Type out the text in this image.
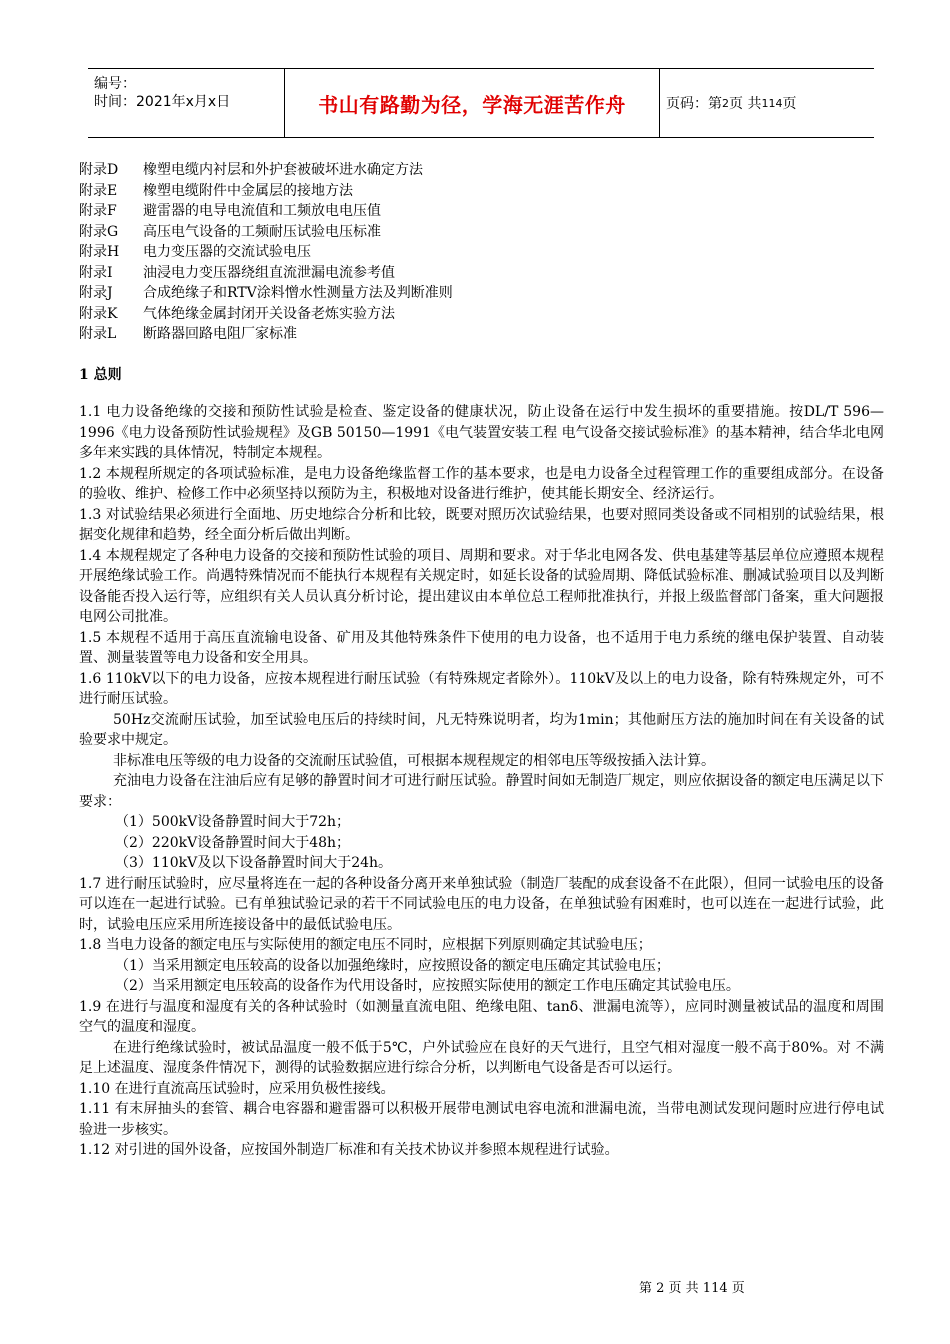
编号：
时间：2021年x月x日	书山有路勤为径，学海无涯苦作舟	页码：第 2 页 共 114 页
附录D	橡塑电缆内衬层和外护套被破坏进水确定方法
附录E	橡塑电缆附件中金属层的接地方法
附录F	避雷器的电导电流值和工频放电电压值
附录G	高压电气设备的工频耐压试验电压标准
附录H	电力变压器的交流试验电压
附录I	油浸电力变压器绕组直流泄漏电流参考值
附录J	合成绝缘子和RTV涂料憎水性测量方法及判断准则
附录K	气体绝缘金属封闭开关设备老炼实验方法
附录L	断路器回路电阻厂家标准
1 总则

1.1 电力设备绝缘的交接和预防性试验是检查、鉴定设备的健康状况，防止设备在运行中发生损坏的重要措施。按DL/T 596—1996《电力设备预防性试验规程》及GB 50150—1991《电气装置安装工程 电气设备交接试验标准》的基本精神，结合华北电网多年来实践的具体情况，特制定本规程。

1.2 本规程所规定的各项试验标准，是电力设备绝缘监督工作的基本要求，也是电力设备全过程管理工作的重要组成部分。在设备的验收、维护、检修工作中必须坚持以预防为主，积极地对设备进行维护，使其能长期安全、经济运行。

1.3 对试验结果必须进行全面地、历史地综合分析和比较，既要对照历次试验结果，也要对照同类设备或不同相别的试验结果，根据变化规律和趋势，经全面分析后做出判断。

1.4 本规程规定了各种电力设备的交接和预防性试验的项目、周期和要求。对于华北电网各发、供电基建等基层单位应遵照本规程开展绝缘试验工作。尚遇特殊情况而不能执行本规程有关规定时，如延长设备的试验周期、降低试验标准、删减试验项目以及判断设备能否投入运行等，应组织有关人员认真分析讨论，提出建议由本单位总工程师批准执行，并报上级监督部门备案，重大问题报电网公司批准。

1.5 本规程不适用于高压直流输电设备、矿用及其他特殊条件下使用的电力设备，也不适用于电力系统的继电保护装置、自动装置、测量装置等电力设备和安全用具。

1.6 110kV以下的电力设备，应按本规程进行耐压试验（有特殊规定者除外）。110kV及以上的电力设备，除有特殊规定外，可不进行耐压试验。

50Hz交流耐压试验，加至试验电压后的持续时间，凡无特殊说明者，均为1min；其他耐压方法的施加时间在有关设备的试验要求中规定。

非标准电压等级的电力设备的交流耐压试验值，可根据本规程规定的相邻电压等级按插入法计算。

充油电力设备在注油后应有足够的静置时间才可进行耐压试验。静置时间如无制造厂规定，则应依据设备的额定电压满足以下要求：

（1）500kV设备静置时间大于72h；

（2）220kV设备静置时间大于48h；

（3）110kV及以下设备静置时间大于24h。

1.7 进行耐压试验时，应尽量将连在一起的各种设备分离开来单独试验（制造厂装配的成套设备不在此限），但同一试验电压的设备可以连在一起进行试验。已有单独试验记录的若干不同试验电压的电力设备，在单独试验有困难时，也可以连在一起进行试验，此时，试验电压应采用所连接设备中的最低试验电压。

1.8 当电力设备的额定电压与实际使用的额定电压不同时，应根据下列原则确定其试验电压；

（1）当采用额定电压较高的设备以加强绝缘时，应按照设备的额定电压确定其试验电压；

（2）当采用额定电压较高的设备作为代用设备时，应按照实际使用的额定工作电压确定其试验电压。

1.9 在进行与温度和湿度有关的各种试验时（如测量直流电阻、绝缘电阻、tanδ、泄漏电流等），应同时测量被试品的温度和周围空气的温度和湿度。

在进行绝缘试验时，被试品温度一般不低于5℃，户外试验应在良好的天气进行，且空气相对湿度一般不高于80%。对 不满足上述温度、湿度条件情况下，测得的试验数据应进行综合分析，以判断电气设备是否可以运行。

1.10 在进行直流高压试验时，应采用负极性接线。

1.11 有末屏抽头的套管、耦合电容器和避雷器可以积极开展带电测试电容电流和泄漏电流，当带电测试发现问题时应进行停电试验进一步核实。

1.12 对引进的国外设备，应按国外制造厂标准和有关技术协议并参照本规程进行试验。

第 2 页 共 114 页
